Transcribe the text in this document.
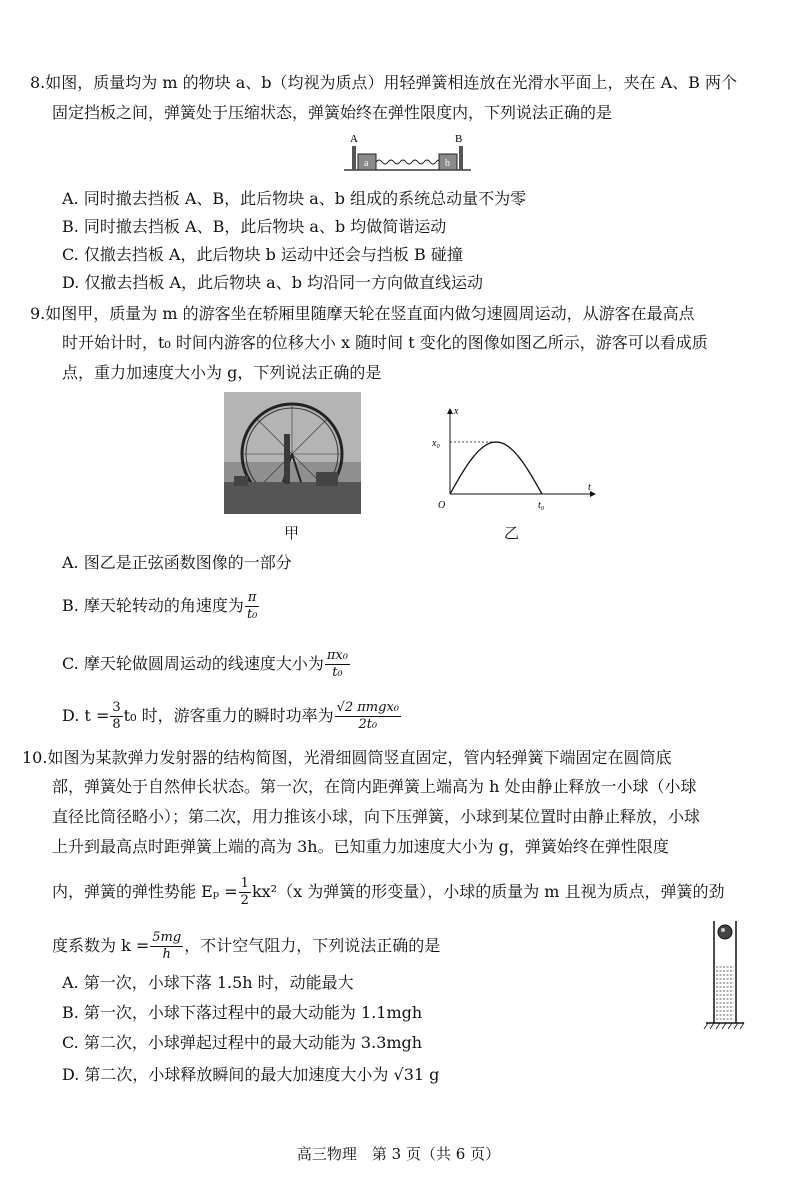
8.如图，质量均为 m 的物块 a、b（均视为质点）用轻弹簧相连放在光滑水平面上，夹在 A、B 两个
固定挡板之间，弹簧处于压缩状态，弹簧始终在弹性限度内，下列说法正确的是
A	B
a	b
A. 同时撤去挡板 A、B，此后物块 a、b 组成的系统总动量不为零
B. 同时撤去挡板 A、B，此后物块 a、b 均做简谐运动
C. 仅撤去挡板 A，此后物块 b 运动中还会与挡板 B 碰撞
D. 仅撤去挡板 A，此后物块 a、b 均沿同一方向做直线运动
9.如图甲，质量为 m 的游客坐在轿厢里随摩天轮在竖直面内做匀速圆周运动，从游客在最高点
时开始计时，t₀ 时间内游客的位移大小 x 随时间 t 变化的图像如图乙所示，游客可以看成质
点，重力加速度大小为 g，下列说法正确的是
甲
x
t
x₀
t₀
O
乙
A. 图乙是正弦函数图像的一部分
B. 摩天轮转动的角速度为 $\frac{\pi}{\text{t₀}}$
C. 摩天轮做圆周运动的线速度大小为 $\frac{\text{πx₀}}{\text{t₀}}$
D. $t = \frac{3}{8} t_0$ 时，游客重力的瞬时功率为 $\frac{\text{√2 πmgx₀}}{\text{2t₀}}$
10.如图为某款弹力发射器的结构简图，光滑细圆筒竖直固定，管内轻弹簧下端固定在圆筒底
部，弹簧处于自然伸长状态。第一次，在筒内距弹簧上端高为 h 处由静止释放一小球（小球
直径比筒径略小）；第二次，用力推该小球，向下压弹簧，小球到某位置时由静止释放，小球
上升到最高点时距弹簧上端的高为 3h。已知重力加速度大小为 g，弹簧始终在弹性限度
内，弹簧的弹性势能 $E_p = \frac{1}{2} kx^2(x$ 为弹簧的形变量），小球的质量为 m 且视为质点，弹簧的劲
度系数为 $k = \frac{5mg}{h}$ ，不计空气阻力，下列说法正确的是
A. 第一次，小球下落 1.5h 时，动能最大
B. 第一次，小球下落过程中的最大动能为 1.1mgh
C. 第二次，小球弹起过程中的最大动能为 3.3mgh
D. 第二次，小球释放瞬间的最大加速度大小为 √31 g
高三物理　第 3 页（共 6 页）
